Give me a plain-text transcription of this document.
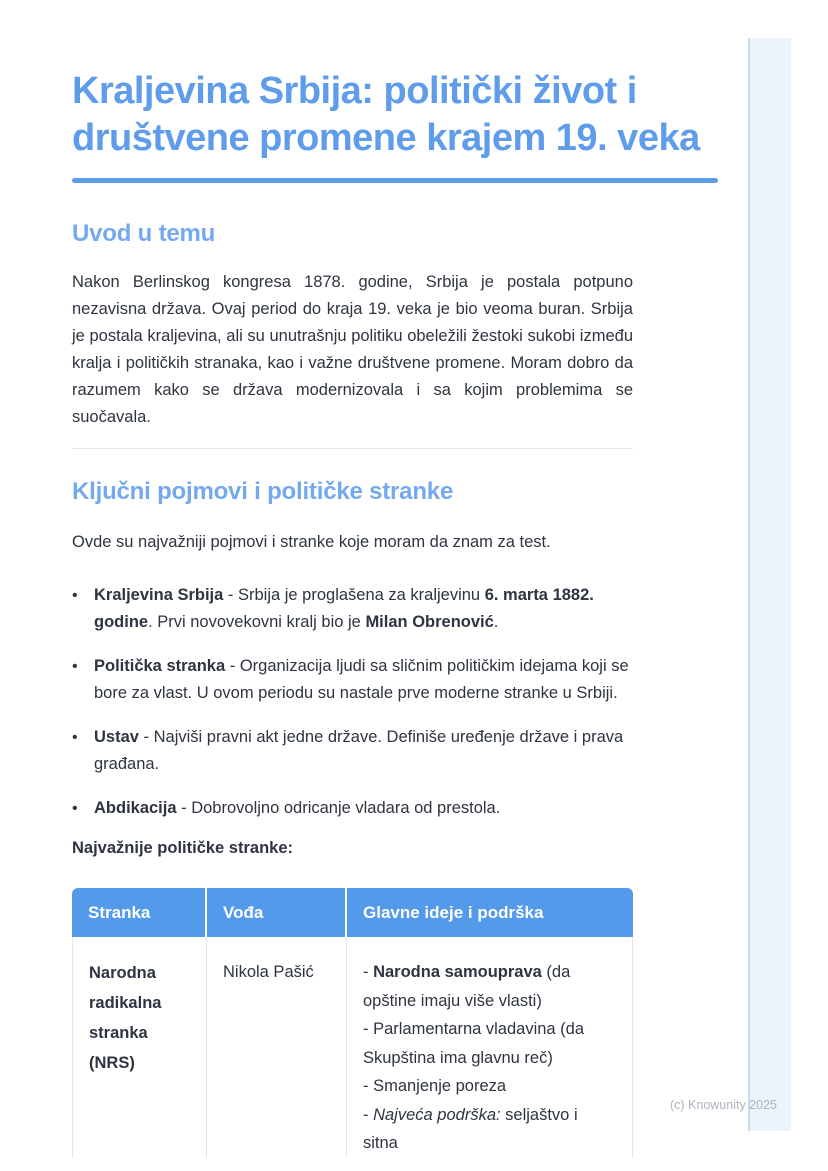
Kraljevina Srbija: politički život i društvene promene krajem 19. veka
Uvod u temu

Nakon Berlinskog kongresa 1878. godine, Srbija je postala potpuno nezavisna država. Ovaj period do kraja 19. veka je bio veoma buran. Srbija je postala kraljevina, ali su unutrašnju politiku obeležili žestoki sukobi između kralja i političkih stranaka, kao i važne društvene promene. Moram dobro da razumem kako se država modernizovala i sa kojim problemima se suočavala.

Ključni pojmovi i političke stranke

Ovde su najvažniji pojmovi i stranke koje moram da znam za test.

• Kraljevina Srbija - Srbija je proglašena za kraljevinu 6. marta 1882. godine. Prvi novovekovni kralj bio je Milan Obrenović.
• Politička stranka - Organizacija ljudi sa sličnim političkim idejama koji se bore za vlast. U ovom periodu su nastale prve moderne stranke u Srbiji.
• Ustav - Najviši pravni akt jedne države. Definiše uređenje države i prava građana.
• Abdikacija - Dobrovoljno odricanje vladara od prestola.

Najvažnije političke stranke:

Stranka	Vođa	Glavne ideje i podrška
Narodna radikalna stranka (NRS)	Nikola Pašić	- Narodna samouprava (da opštine imaju više vlasti)
- Parlamentarna vladavina (da Skupština ima glavnu reč)
- Smanjenje poreza
- Najveća podrška: seljaštvo i sitna
(c) Knowunity 2025
